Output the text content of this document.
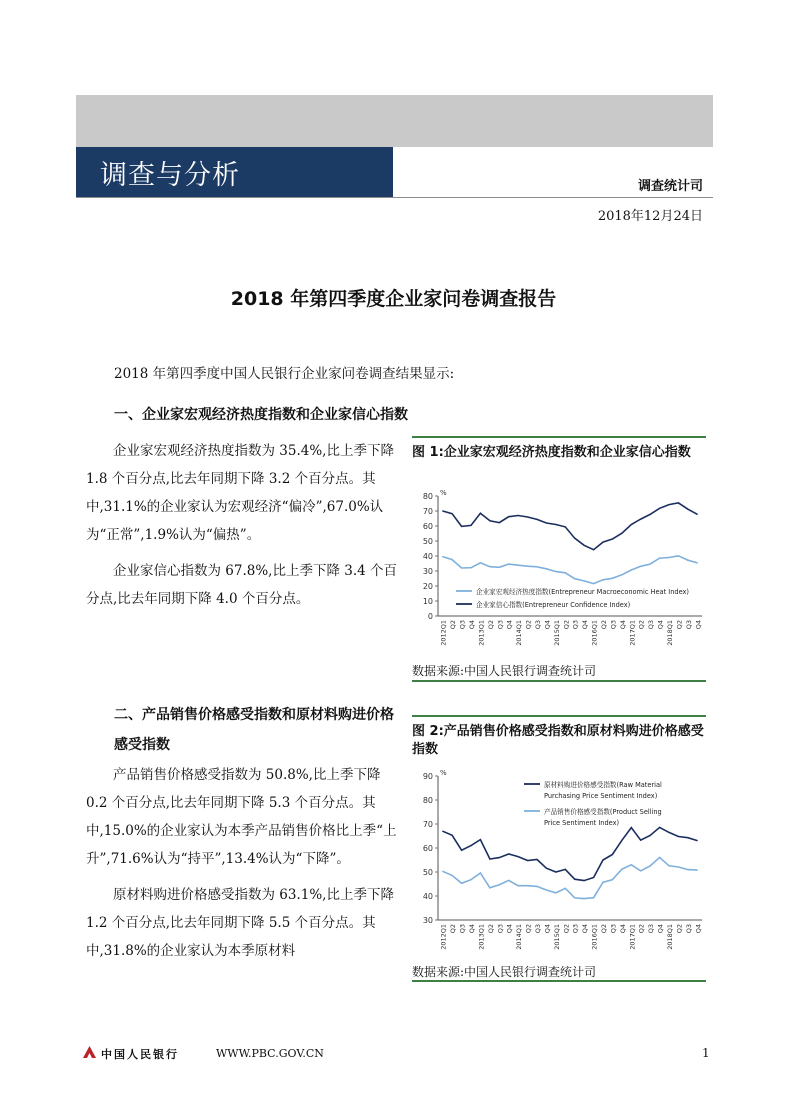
调查与分析	调查统计司
2018年12月24日
2018 年第四季度企业家问卷调查报告
2018 年第四季度中国人民银行企业家问卷调查结果显示:
一、企业家宏观经济热度指数和企业家信心指数

企业家宏观经济热度指数为 35.4%,比上季下降 1.8 个百分点,比去年同期下降 3.2 个百分点。其中,31.1%的企业家认为宏观经济“偏冷”,67.0%认为“正常”,1.9%认为“偏热”。

企业家信心指数为 67.8%,比上季下降 3.4 个百分点,比去年同期下降 4.0 个百分点。

图 1:企业家宏观经济热度指数和企业家信心指数
%
0
10
20
30
40
50
60
70
80
2012Q1 Q2 Q3 Q4 2013Q1 Q2 Q3 Q4 2014Q1 Q2 Q3 Q4 2015Q1 Q2 Q3 Q4 2016Q1 Q2 Q3 Q4 2017Q1 Q2 Q3 Q4 2018Q1 Q2 Q3 Q4
企业家宏观经济热度指数(Entrepreneur Macroeconomic Heat Index)
企业家信心指数(Entrepreneur Confidence Index)
数据来源:中国人民银行调查统计司
二、产品销售价格感受指数和原材料购进价格感受指数

产品销售价格感受指数为 50.8%,比上季下降 0.2 个百分点,比去年同期下降 5.3 个百分点。其中,15.0%的企业家认为本季产品销售价格比上季“上升”,71.6%认为“持平”,13.4%认为“下降”。

原材料购进价格感受指数为 63.1%,比上季下降 1.2 个百分点,比去年同期下降 5.5 个百分点。其中,31.8%的企业家认为本季原材料

图 2:产品销售价格感受指数和原材料购进价格感受指数
%
30
40
50
60
70
80
90
2012Q1 Q2 Q3 Q4 2013Q1 Q2 Q3 Q4 2014Q1 Q2 Q3 Q4 2015Q1 Q2 Q3 Q4 2016Q1 Q2 Q3 Q4 2017Q1 Q2 Q3 Q4 2018Q1 Q2 Q3 Q4
原材料购进价格感受指数(Raw Material
Purchasing Price Sentiment Index)
产品销售价格感受指数(Product Selling
Price Sentiment Index)
数据来源:中国人民银行调查统计司
中国人民银行	WWW.PBC.GOV.CN	1
